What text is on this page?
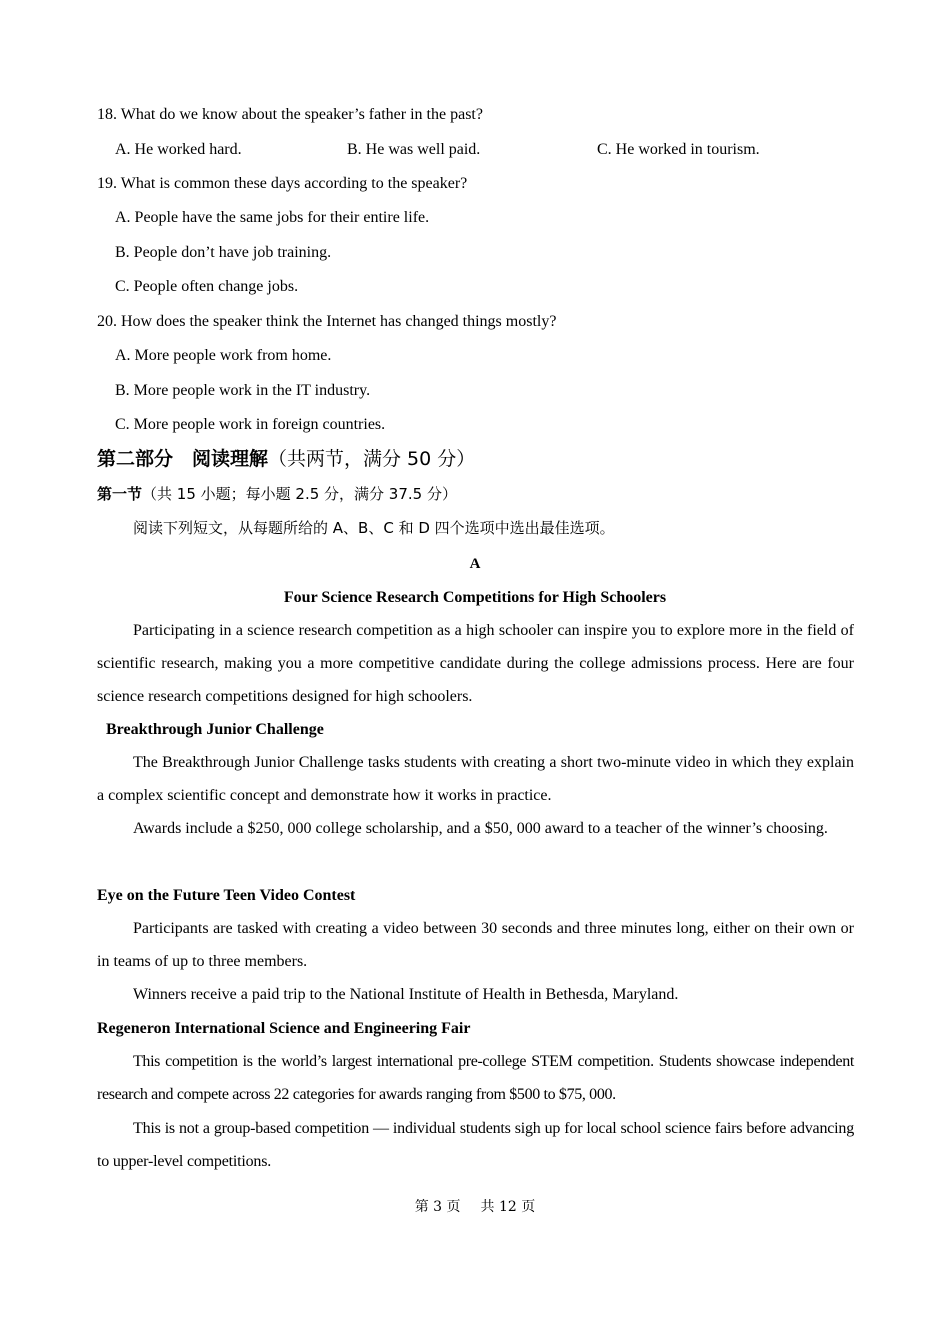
18. What do we know about the speaker’s father in the past?
A. He worked hard.	B. He was well paid.	C. He worked in tourism.
19. What is common these days according to the speaker?
A. People have the same jobs for their entire life.
B. People don’t have job training.
C. People often change jobs.
20. How does the speaker think the Internet has changed things mostly?
A. More people work from home.
B. More people work in the IT industry.
C. More people work in foreign countries.
第二部分　阅读理解（共两节，满分 50 分）
第一节（共 15 小题；每小题 2.5 分，满分 37.5 分）
阅读下列短文，从每题所给的 A、B、C 和 D 四个选项中选出最佳选项。
A
Four Science Research Competitions for High Schoolers
Participating in a science research competition as a high schooler can inspire you to explore more in the field of scientific research, making you a more competitive candidate during the college admissions process. Here are four science research competitions designed for high schoolers.
Breakthrough Junior Challenge
The Breakthrough Junior Challenge tasks students with creating a short two-minute video in which they explain a complex scientific concept and demonstrate how it works in practice.
Awards include a $250, 000 college scholarship, and a $50, 000 award to a teacher of the winner’s choosing.
Eye on the Future Teen Video Contest
Participants are tasked with creating a video between 30 seconds and three minutes long, either on their own or in teams of up to three members.
Winners receive a paid trip to the National Institute of Health in Bethesda, Maryland.
Regeneron International Science and Engineering Fair
This competition is the world’s largest international pre-college STEM competition. Students showcase independent research and compete across 22 categories for awards ranging from $500 to $75, 000.
This is not a group-based competition — individual students sigh up for local school science fairs before advancing to upper-level competitions.
第 3 页 共 12 页
